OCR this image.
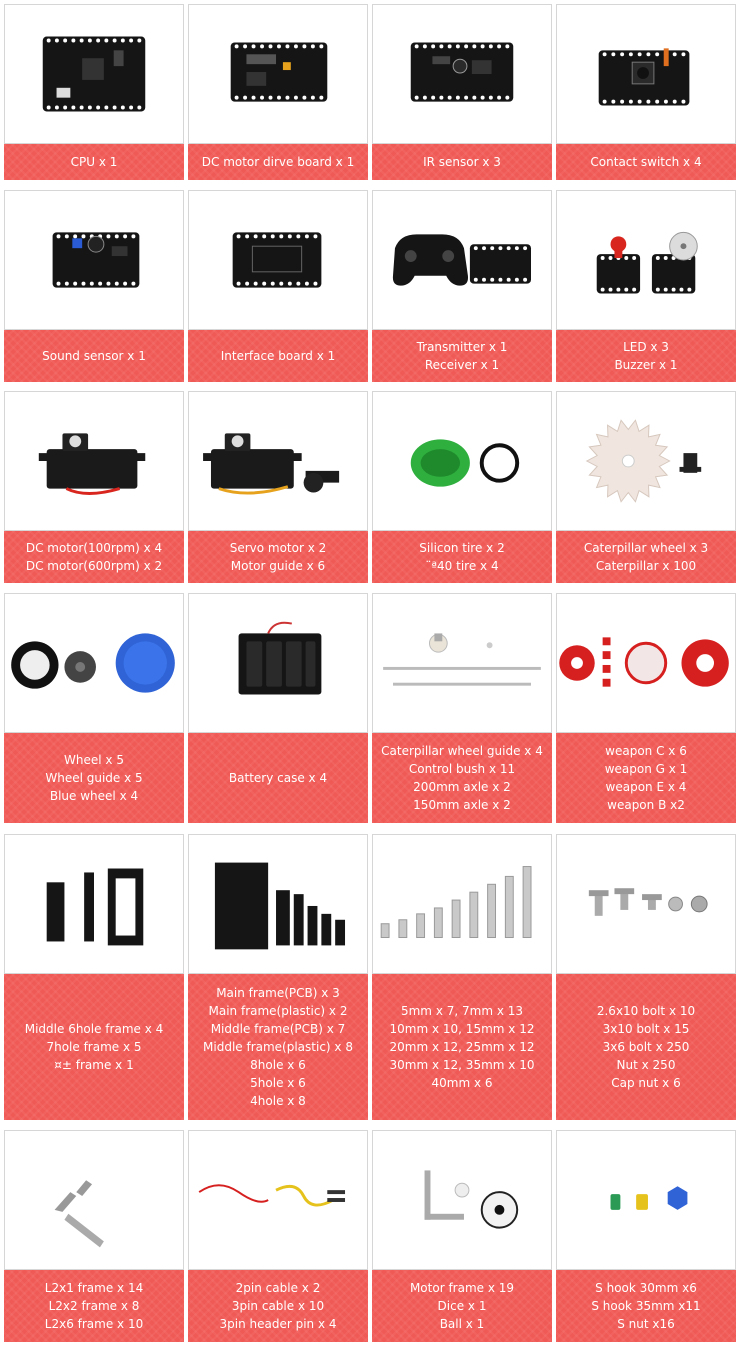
CPU x 1	DC motor dirve board x 1	IR sensor x 3	Contact switch x 4
Sound sensor x 1	Interface board x 1
Transmitter x 1
Receiver x 1
LED x 3
Buzzer x 1
DC motor(100rpm) x 4
DC motor(600rpm) x 2
Servo motor x 2
Motor guide x 6
Silicon tire x 2
¨ª40 tire x 4
Caterpillar wheel x 3
Caterpillar x 100
Wheel x 5
Wheel guide x 5
Blue wheel x 4
Battery case x 4
Caterpillar wheel guide x 4
Control bush x 11
200mm axle x 2
150mm axle x 2
weapon C x 6
weapon G x 1
weapon E x 4
weapon B x2
Middle 6hole frame x 4
7hole frame x 5
¤± frame x 1
Main frame(PCB) x 3
Main frame(plastic) x 2
Middle frame(PCB) x 7
Middle frame(plastic) x 8
8hole x 6
5hole x 6
4hole x 8
5mm x 7, 7mm x 13
10mm x 10, 15mm x 12
20mm x 12, 25mm x 12
30mm x 12, 35mm x 10
40mm x 6
2.6x10 bolt x 10
3x10 bolt x 15
3x6 bolt x 250
Nut x 250
Cap nut x 6
L2x1 frame x 14
L2x2 frame x 8
L2x6 frame x 10
2pin cable x 2
3pin cable x 10
3pin header pin x 4
Motor frame x 19
Dice x 1
Ball x 1
S hook 30mm x6
S hook 35mm x11
S nut x16
